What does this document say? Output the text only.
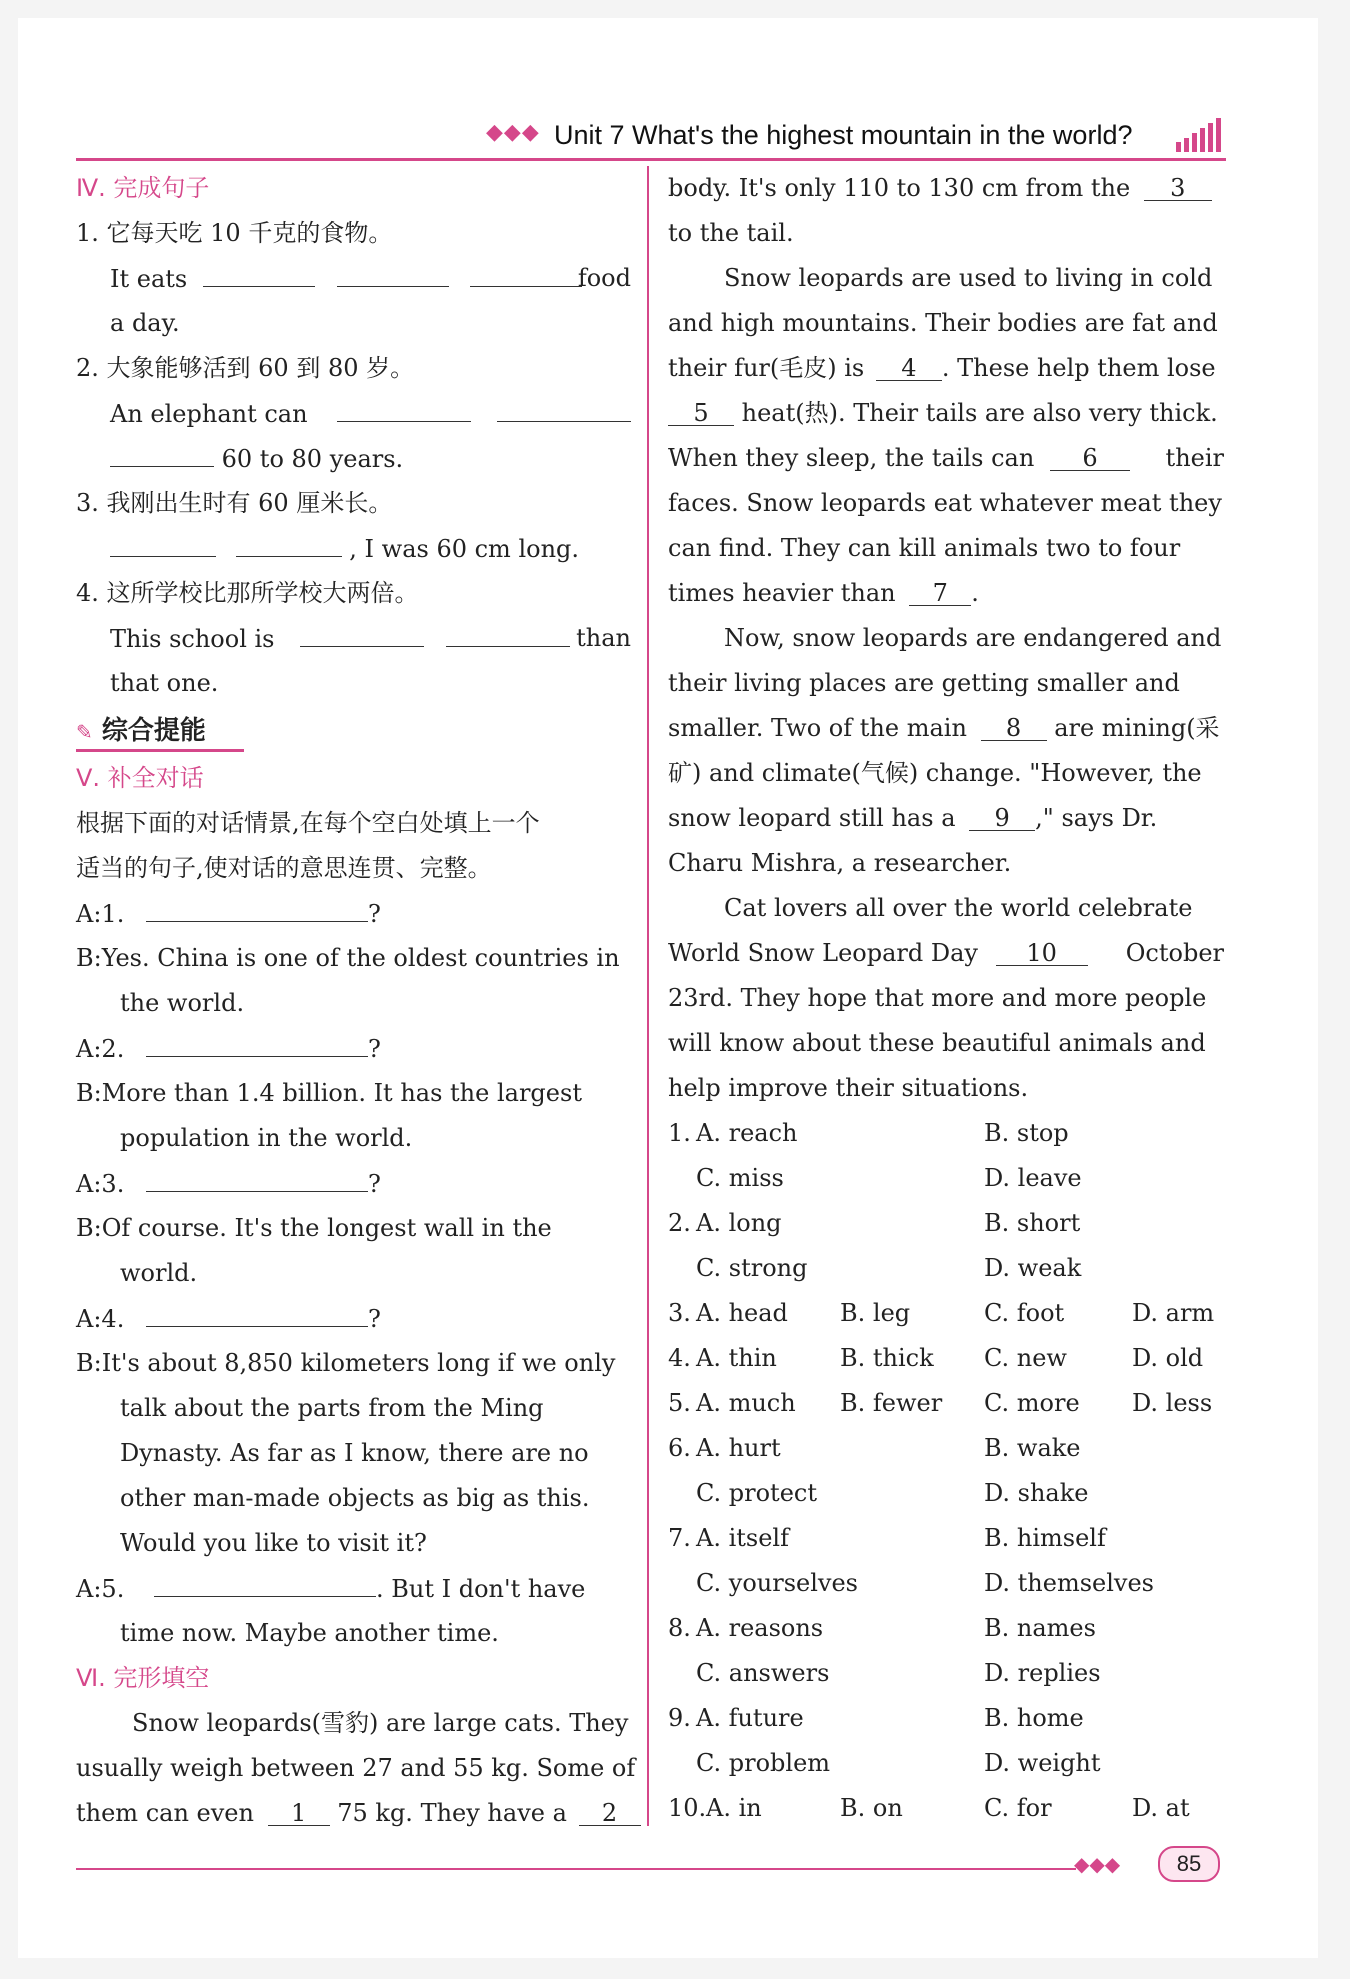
◆◆◆ Unit 7 What's the highest mountain in the world?
Ⅳ. 完成句子
1. 它每天吃 10 千克的食物。
It eats	food
a day.
2. 大象能够活到 60 到 80 岁。
An elephant can
60 to 80 years.
3. 我刚出生时有 60 厘米长。
, I was 60 cm long.
4. 这所学校比那所学校大两倍。
This school is	than
that one.
✎ 综合提能
Ⅴ. 补全对话
根据下面的对话情景,在每个空白处填上一个
适当的句子,使对话的意思连贯、完整。
A:1.	?
B:Yes. China is one of the oldest countries in
the world.
A:2.	?
B:More than 1.4 billion. It has the largest
population in the world.
A:3.	?
B:Of course. It's the longest wall in the
world.
A:4.	?
B:It's about 8,850 kilometers long if we only
talk about the parts from the Ming
Dynasty. As far as I know, there are no
other man-made objects as big as this.
Would you like to visit it?
A:5.	. But I don't have
time now. Maybe another time.
Ⅵ. 完形填空
Snow leopards(雪豹) are large cats. They
usually weigh between 27 and 55 kg. Some of
them can even 1 75 kg. They have a 2
body. It's only 110 to 130 cm from the 3
to the tail.
Snow leopards are used to living in cold
and high mountains. Their bodies are fat and
their fur(毛皮) is 4 . These help them lose
5 heat(热). Their tails are also very thick.
When they sleep, the tails can 6	their
faces. Snow leopards eat whatever meat they
can find. They can kill animals two to four
times heavier than 7 .
Now, snow leopards are endangered and
their living places are getting smaller and
smaller. Two of the main 8 are mining(采
矿) and climate(气候) change. "However, the
snow leopard still has a 9 ," says Dr.
Charu Mishra, a researcher.
Cat lovers all over the world celebrate
World Snow Leopard Day 10	October
23rd. They hope that more and more people
will know about these beautiful animals and
help improve their situations.
1. A. reach	B. stop
C. miss	D. leave
2. A. long	B. short
C. strong	D. weak
3. A. head B. leg	C. foot	D. arm
4. A. thin	B. thick C. new	D. old
5. A. much B. fewer C. more D. less
6. A. hurt	B. wake
C. protect	D. shake
7. A. itself	B. himself
C. yourselves	D. themselves
8. A. reasons	B. names
C. answers	D. replies
9. A. future	B. home
C. problem	D. weight
10. A. in	B. on	C. for	D. at
◆◆◆	85
